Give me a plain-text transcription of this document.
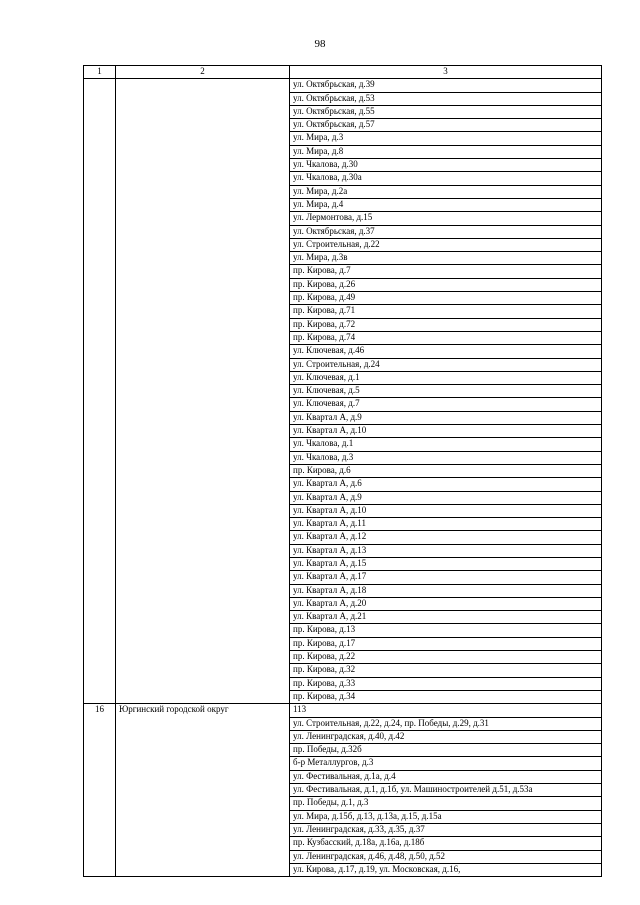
98
1	2	3
		ул. Октябрьская, д.39
		ул. Октябрьская, д.53
		ул. Октябрьская, д.55
		ул. Октябрьская, д.57
		ул. Мира, д.3
		ул. Мира, д.8
		ул. Чкалова, д.30
		ул. Чкалова, д.30а
		ул. Мира, д.2а
		ул. Мира, д.4
		ул. Лермонтова, д.15
		ул. Октябрьская, д.37
		ул. Строительная, д.22
		ул. Мира, д.3в
		пр. Кирова, д.7
		пр. Кирова, д.26
		пр. Кирова, д.49
		пр. Кирова, д.71
		пр. Кирова, д.72
		пр. Кирова, д.74
		ул. Ключевая, д.46
		ул. Строительная, д.24
		ул. Ключевая, д.1
		ул. Ключевая, д.5
		ул. Ключевая, д.7
		ул. Квартал А, д.9
		ул. Квартал А, д.10
		ул. Чкалова, д.1
		ул. Чкалова, д.3
		пр. Кирова, д.6
		ул. Квартал А, д.6
		ул. Квартал А, д.9
		ул. Квартал А, д.10
		ул. Квартал А, д.11
		ул. Квартал А, д.12
		ул. Квартал А, д.13
		ул. Квартал А, д.15
		ул. Квартал А, д.17
		ул. Квартал А, д.18
		ул. Квартал А, д.20
		ул. Квартал А, д.21
		пр. Кирова, д.13
		пр. Кирова, д.17
		пр. Кирова, д.22
		пр. Кирова, д.32
		пр. Кирова, д.33
		пр. Кирова, д.34
16	Юргинский городской округ	113
		ул. Строительная, д.22, д.24, пр. Победы, д.29, д.31
		ул. Ленинградская, д.40, д.42
		пр. Победы, д.32б
		б-р Металлургов, д.3
		ул. Фестивальная, д.1а, д.4
		ул. Фестивальная, д.1, д.1б, ул. Машиностроителей д.51, д.53а
		пр. Победы, д.1, д.3
		ул. Мира, д.15б, д.13, д.13а, д.15, д.15а
		ул. Ленинградская, д.33, д.35, д.37
		пр. Кузбасский, д.18а, д.16а, д.18б
		ул. Ленинградская, д.46, д.48, д.50, д.52
		ул. Кирова, д.17, д.19, ул. Московская, д.16,
